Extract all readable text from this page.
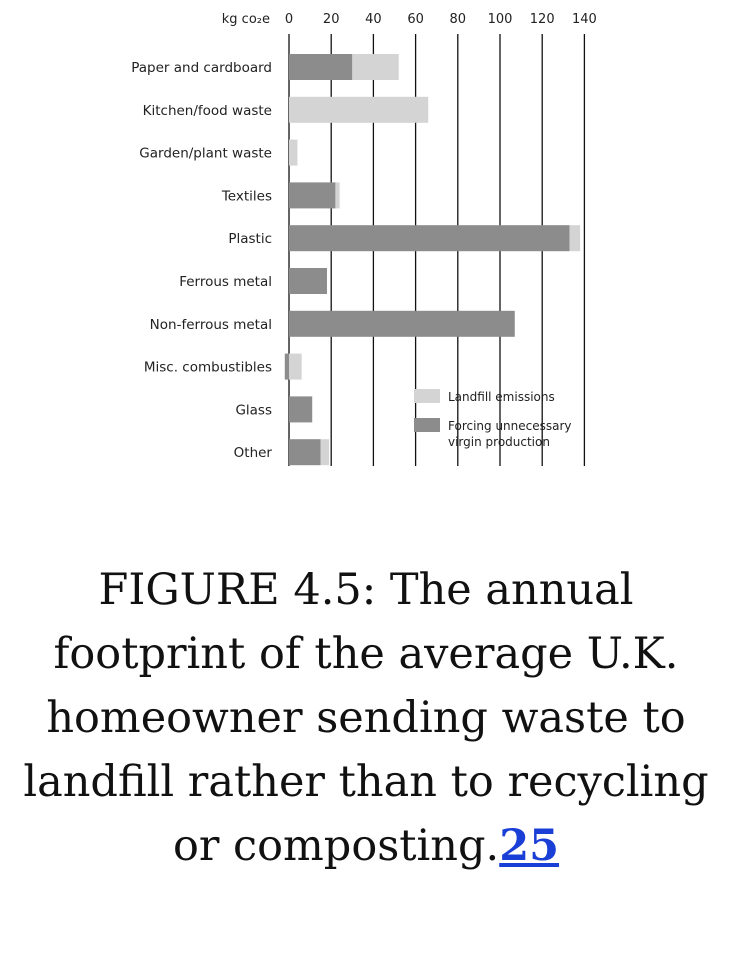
kg co₂e 0 20 40 60 80 100 120 140
Paper and cardboard
Kitchen/food waste
Garden/plant waste
Textiles
Plastic
Ferrous metal
Non-ferrous metal
Misc. combustibles
Glass
Other
Landfill emissions
Forcing unnecessary virgin production
FIGURE 4.5: The annual footprint of the average U.K. homeowner sending waste to landfill rather than to recycling or composting.25
